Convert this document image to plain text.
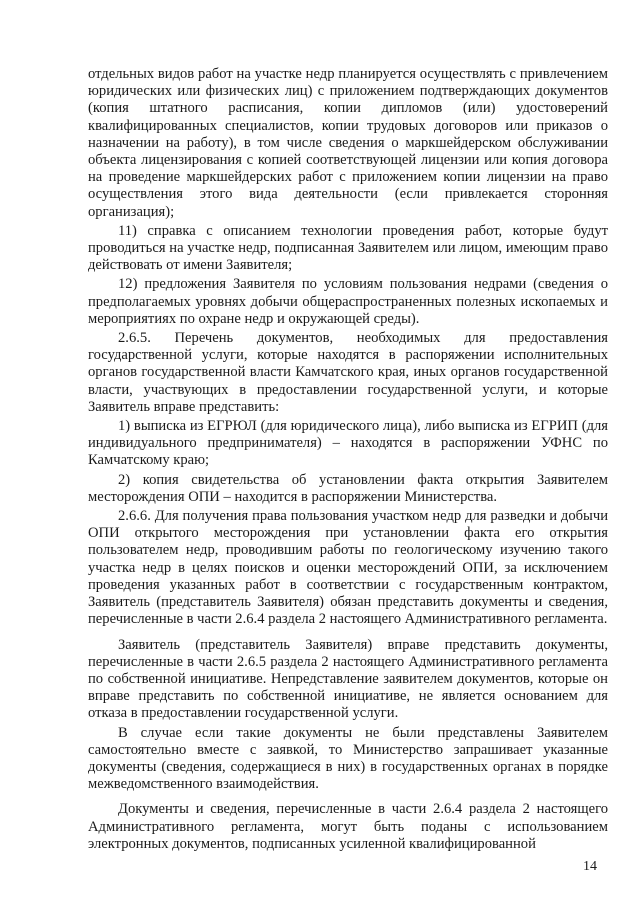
отдельных видов работ на участке недр планируется осуществлять с привлечением юридических или физических лиц) с приложением подтверждающих документов (копия штатного расписания, копии дипломов (или) удостоверений квалифицированных специалистов, копии трудовых договоров или приказов о назначении на работу), в том числе сведения о маркшейдерском обслуживании объекта лицензирования с копией соответствующей лицензии или копия договора на проведение маркшейдерских работ с приложением копии лицензии на право осуществления этого вида деятельности (если привлекается сторонняя организация);

11) справка с описанием технологии проведения работ, которые будут проводиться на участке недр, подписанная Заявителем или лицом, имеющим право действовать от имени Заявителя;

12) предложения Заявителя по условиям пользования недрами (сведения о предполагаемых уровнях добычи общераспространенных полезных ископаемых и мероприятиях по охране недр и окружающей среды).

2.6.5. Перечень документов, необходимых для предоставления государственной услуги, которые находятся в распоряжении исполнительных органов государственной власти Камчатского края, иных органов государственной власти, участвующих в предоставлении государственной услуги, и которые Заявитель вправе представить:

1) выписка из ЕГРЮЛ (для юридического лица), либо выписка из ЕГРИП (для индивидуального предпринимателя) – находятся в распоряжении УФНС по Камчатскому краю;

2) копия свидетельства об установлении факта открытия Заявителем месторождения ОПИ – находится в распоряжении Министерства.

2.6.6. Для получения права пользования участком недр для разведки и добычи ОПИ открытого месторождения при установлении факта его открытия пользователем недр, проводившим работы по геологическому изучению такого участка недр в целях поисков и оценки месторождений ОПИ, за исключением проведения указанных работ в соответствии с государственным контрактом, Заявитель (представитель Заявителя) обязан представить документы и сведения, перечисленные в части 2.6.4 раздела 2 настоящего Административного регламента.

Заявитель (представитель Заявителя) вправе представить документы, перечисленные в части 2.6.5 раздела 2 настоящего Административного регламента по собственной инициативе. Непредставление заявителем документов, которые он вправе представить по собственной инициативе, не является основанием для отказа в предоставлении государственной услуги.

В случае если такие документы не были представлены Заявителем самостоятельно вместе с заявкой, то Министерство запрашивает указанные документы (сведения, содержащиеся в них) в государственных органах в порядке межведомственного взаимодействия.

Документы и сведения, перечисленные в части 2.6.4 раздела 2 настоящего Административного регламента, могут быть поданы с использованием электронных документов, подписанных усиленной квалифицированной

14
